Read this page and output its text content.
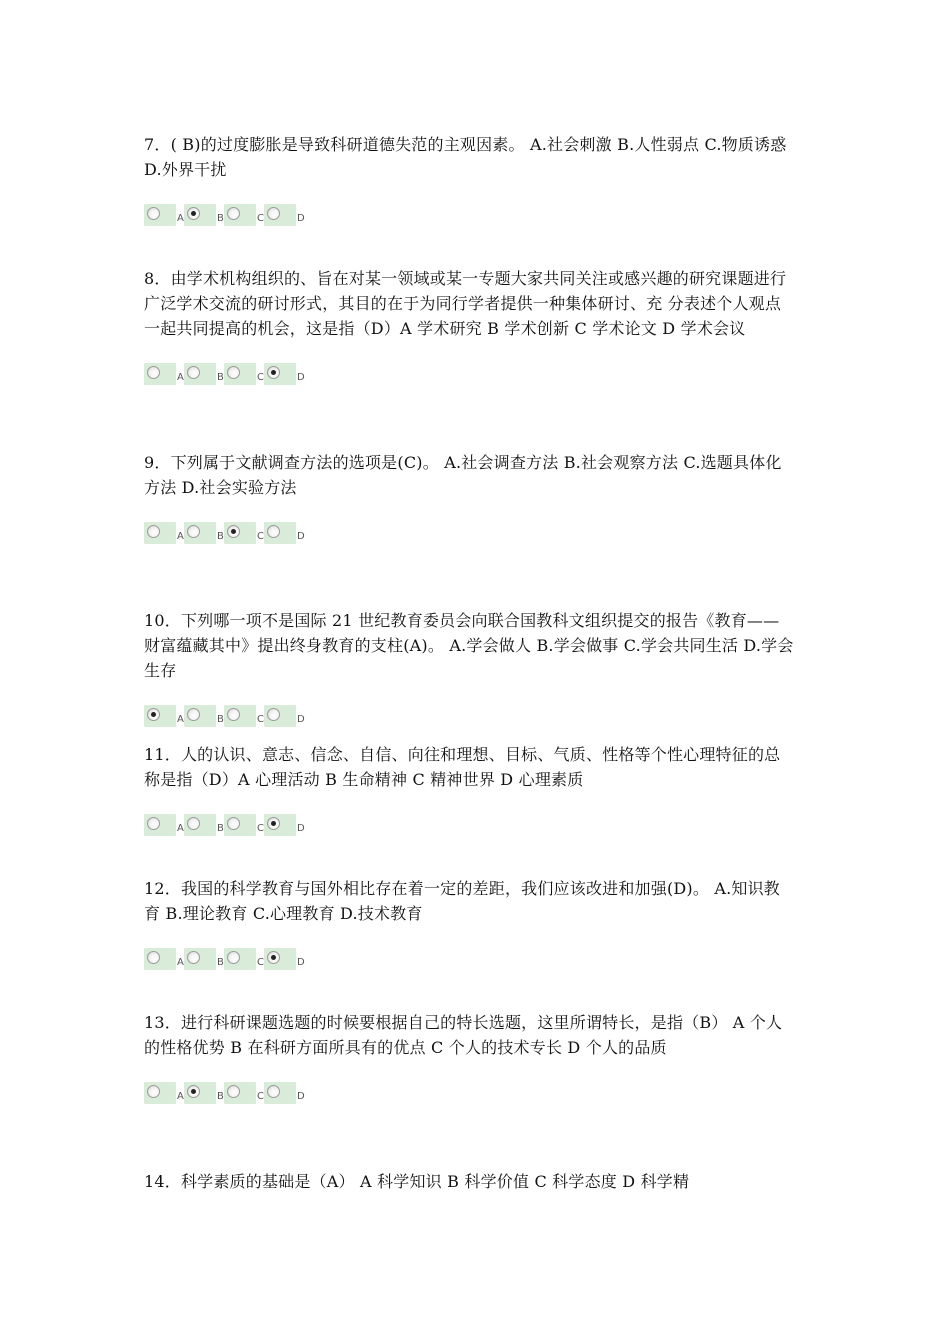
7．( B)的过度膨胀是导致科研道德失范的主观因素。 A.社会刺激 B.人性弱点 C.物质诱惑 D.外界干扰

A	B	C	D

8．由学术机构组织的、旨在对某一领域或某一专题大家共同关注或感兴趣的研究课题进行广泛学术交流的研讨形式，其目的在于为同行学者提供一种集体研讨、充 分表述个人观点一起共同提高的机会，这是指（D）A 学术研究 B 学术创新 C 学术论文 D 学术会议

A	B	C	D

9．下列属于文献调查方法的选项是(C)。 A.社会调查方法 B.社会观察方法 C.选题具体化方法 D.社会实验方法

A	B	C	D

10．下列哪一项不是国际 21 世纪教育委员会向联合国教科文组织提交的报告《教育——财富蕴藏其中》提出终身教育的支柱(A)。 A.学会做人 B.学会做事 C.学会共同生活 D.学会生存

A	B	C	D

11．人的认识、意志、信念、自信、向往和理想、目标、气质、性格等个性心理特征的总称是指（D）A 心理活动 B 生命精神 C 精神世界 D 心理素质

A	B	C	D

12．我国的科学教育与国外相比存在着一定的差距，我们应该改进和加强(D)。 A.知识教育 B.理论教育 C.心理教育 D.技术教育

A	B	C	D

13．进行科研课题选题的时候要根据自己的特长选题，这里所谓特长，是指（B） A 个人的性格优势 B 在科研方面所具有的优点 C 个人的技术专长 D 个人的品质

A	B	C	D

14．科学素质的基础是（A） A 科学知识 B 科学价值 C 科学态度 D 科学精
